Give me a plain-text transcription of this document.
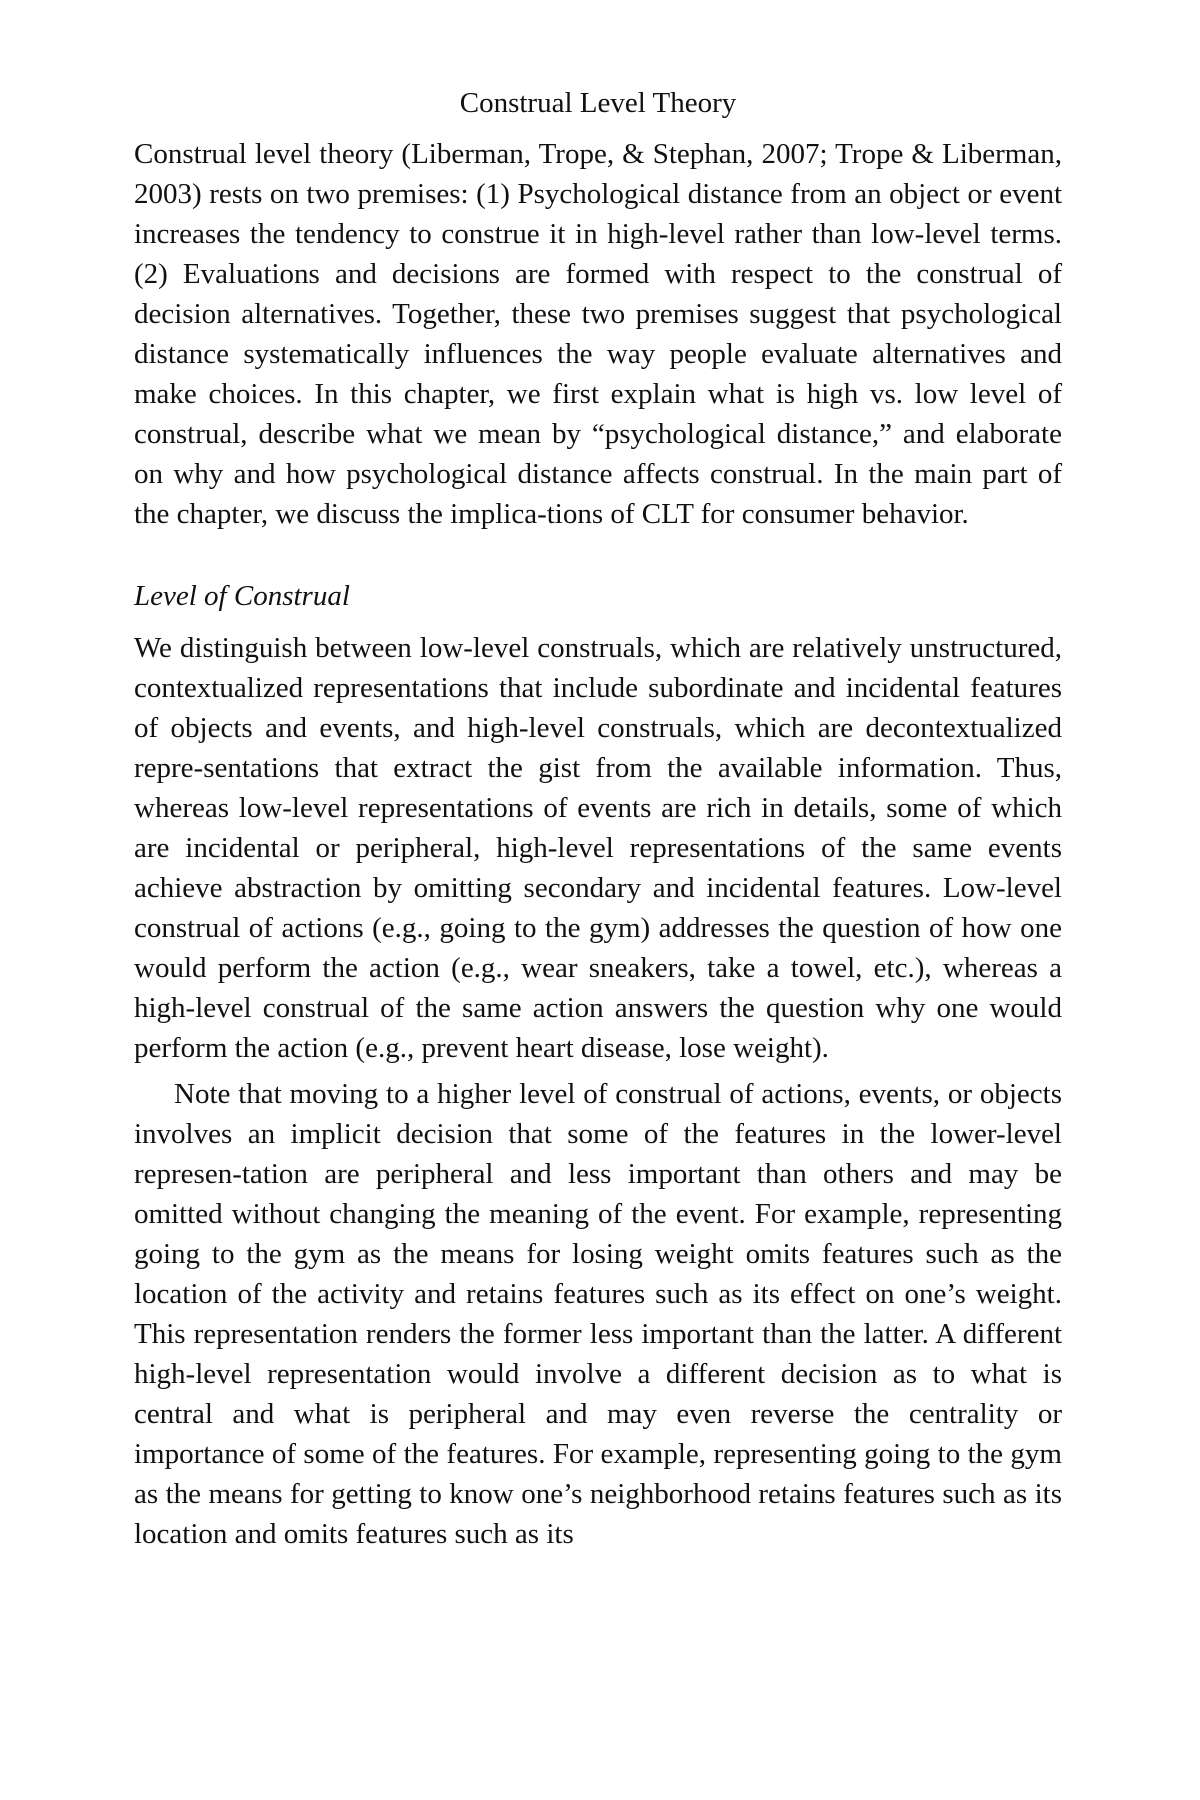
Construal Level Theory

Construal level theory (Liberman, Trope, & Stephan, 2007; Trope & Liberman, 2003) rests on two premises: (1) Psychological distance from an object or event increases the tendency to construe it in high-level rather than low-level terms. (2) Evaluations and decisions are formed with respect to the construal of decision alternatives. Together, these two premises suggest that psychological distance systematically influences the way people evaluate alternatives and make choices. In this chapter, we first explain what is high vs. low level of construal, describe what we mean by “psychological distance,” and elaborate on why and how psychological distance affects construal. In the main part of the chapter, we discuss the implica-tions of CLT for consumer behavior.

Level of Construal

We distinguish between low-level construals, which are relatively unstructured, contextualized representations that include subordinate and incidental features of objects and events, and high-level construals, which are decontextualized repre-sentations that extract the gist from the available information. Thus, whereas low-level representations of events are rich in details, some of which are incidental or peripheral, high-level representations of the same events achieve abstraction by omitting secondary and incidental features. Low-level construal of actions (e.g., going to the gym) addresses the question of how one would perform the action (e.g., wear sneakers, take a towel, etc.), whereas a high-level construal of the same action answers the question why one would perform the action (e.g., prevent heart disease, lose weight).

Note that moving to a higher level of construal of actions, events, or objects involves an implicit decision that some of the features in the lower-level represen-tation are peripheral and less important than others and may be omitted without changing the meaning of the event. For example, representing going to the gym as the means for losing weight omits features such as the location of the activity and retains features such as its effect on one’s weight. This representation renders the former less important than the latter. A different high-level representation would involve a different decision as to what is central and what is peripheral and may even reverse the centrality or importance of some of the features. For example, representing going to the gym as the means for getting to know one’s neighborhood retains features such as its location and omits features such as its
